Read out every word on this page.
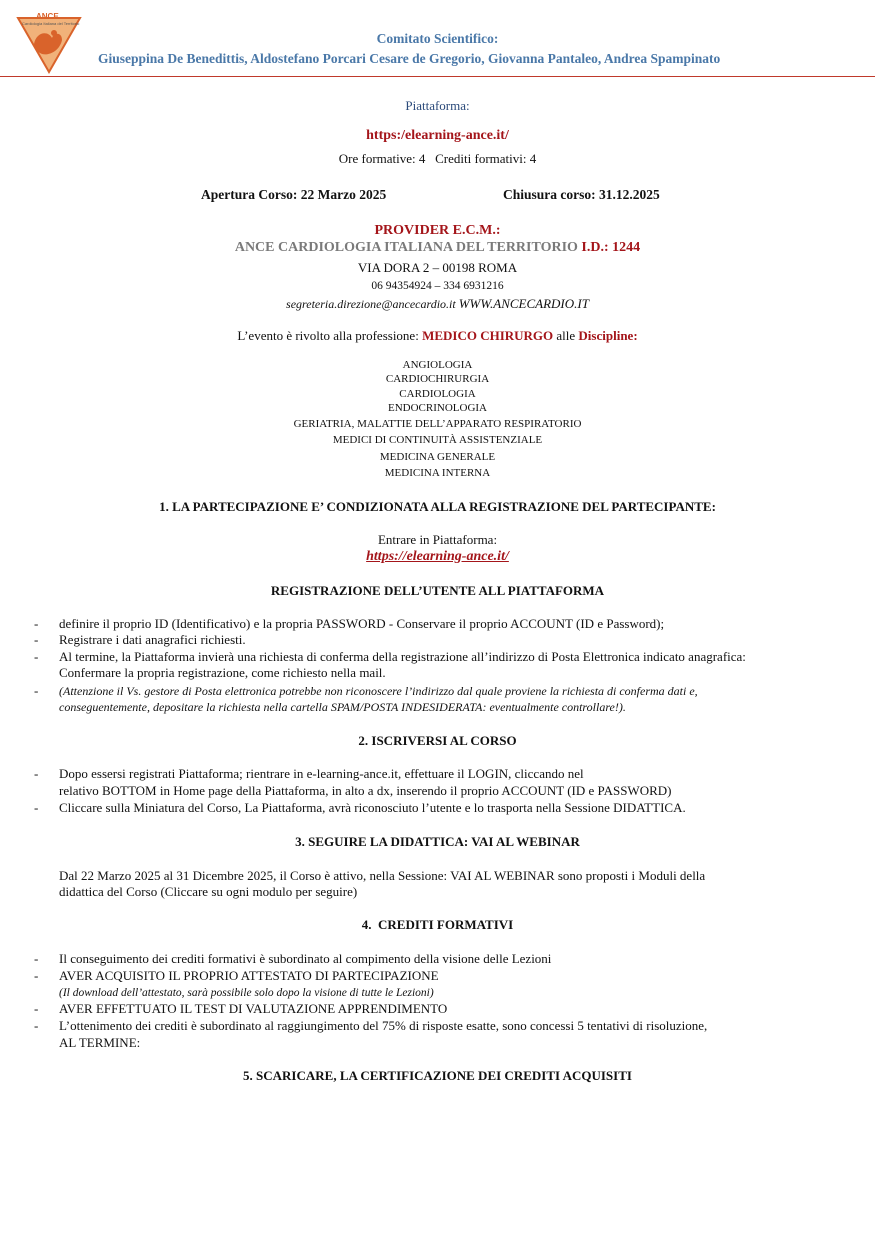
ANCE
Cardiologia Italiana del Territorio
Comitato Scientifico:
Giuseppina De Benedittis, Aldostefano Porcari Cesare de Gregorio, Giovanna Pantaleo, Andrea Spampinato
Piattaforma:
https:/elearning-ance.it/
Ore formative: 4   Crediti formativi: 4
Apertura Corso: 22 Marzo 2025	Chiusura corso: 31.12.2025
PROVIDER E.C.M.:
ANCE CARDIOLOGIA ITALIANA DEL TERRITORIO I.D.: 1244
VIA DORA 2 – 00198 ROMA
06 94354924 – 334 6931216
segreteria.direzione@ancecardio.it WWW.ANCECARDIO.IT
L’evento è rivolto alla professione: MEDICO CHIRURGO alle Discipline:
ANGIOLOGIA
CARDIOCHIRURGIA
CARDIOLOGIA
ENDOCRINOLOGIA
GERIATRIA, MALATTIE DELL’APPARATO RESPIRATORIO
MEDICI DI CONTINUITÀ ASSISTENZIALE
MEDICINA GENERALE
MEDICINA INTERNA
1. LA PARTECIPAZIONE E’ CONDIZIONATA ALLA REGISTRAZIONE DEL PARTECIPANTE:
Entrare in Piattaforma:
https://elearning-ance.it/
REGISTRAZIONE DELL’UTENTE ALL PIATTAFORMA
- definire il proprio ID (Identificativo) e la propria PASSWORD - Conservare il proprio ACCOUNT (ID e Password);
- Registrare i dati anagrafici richiesti.
- Al termine, la Piattaforma invierà una richiesta di conferma della registrazione all’indirizzo di Posta Elettronica indicato anagrafica:
Confermare la propria registrazione, come richiesto nella mail.
- (Attenzione il Vs. gestore di Posta elettronica potrebbe non riconoscere l’indirizzo dal quale proviene la richiesta di conferma dati e,
conseguentemente, depositare la richiesta nella cartella SPAM/POSTA INDESIDERATA: eventualmente controllare!).
2. ISCRIVERSI AL CORSO
- Dopo essersi registrati Piattaforma; rientrare in e-learning-ance.it, effettuare il LOGIN, cliccando nel
relativo BOTTOM in Home page della Piattaforma, in alto a dx, inserendo il proprio ACCOUNT (ID e PASSWORD)
- Cliccare sulla Miniatura del Corso, La Piattaforma, avrà riconosciuto l’utente e lo trasporta nella Sessione DIDATTICA.
3. SEGUIRE LA DIDATTICA: VAI AL WEBINAR
Dal 22 Marzo 2025 al 31 Dicembre 2025, il Corso è attivo, nella Sessione: VAI AL WEBINAR sono proposti i Moduli della
didattica del Corso (Cliccare su ogni modulo per seguire)
4.  CREDITI FORMATIVI
- Il conseguimento dei crediti formativi è subordinato al compimento della visione delle Lezioni
- AVER ACQUISITO IL PROPRIO ATTESTATO DI PARTECIPAZIONE
(Il download dell’attestato, sarà possibile solo dopo la visione di tutte le Lezioni)
- AVER EFFETTUATO IL TEST DI VALUTAZIONE APPRENDIMENTO
- L’ottenimento dei crediti è subordinato al raggiungimento del 75% di risposte esatte, sono concessi 5 tentativi di risoluzione,
AL TERMINE:
5. SCARICARE, LA CERTIFICAZIONE DEI CREDITI ACQUISITI
